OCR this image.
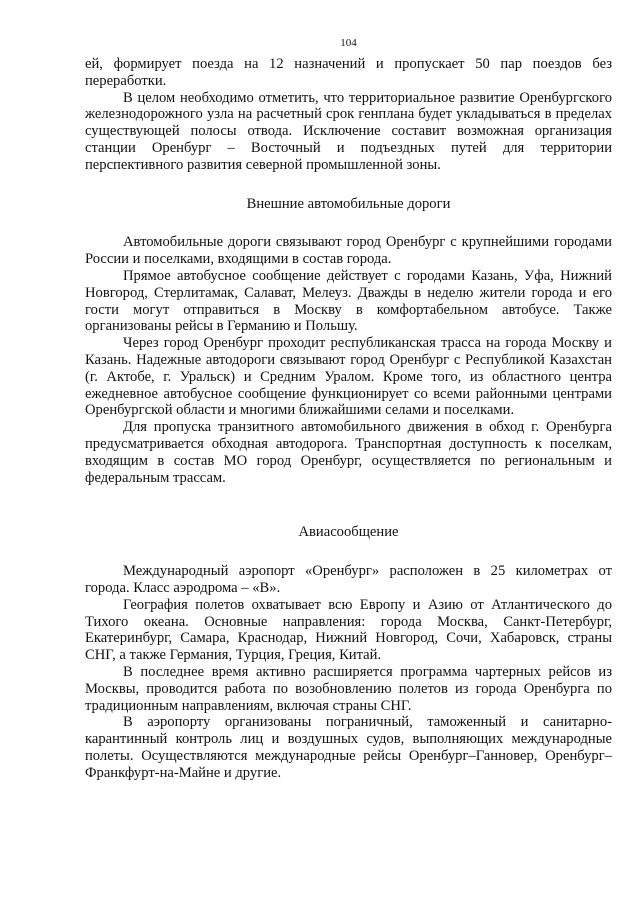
104

ей, формирует поезда на 12 назначений и пропускает 50 пар поездов без переработки.

В целом необходимо отметить, что территориальное развитие Оренбургского железнодорожного узла на расчетный срок генплана будет укладываться в пределах существующей полосы отвода. Исключение составит возможная организация станции Оренбург – Восточный и подъездных путей для территории перспективного развития северной промышленной зоны.

Внешние автомобильные дороги

Автомобильные дороги связывают город Оренбург с крупнейшими городами России и поселками, входящими в состав города.

Прямое автобусное сообщение действует с городами Казань, Уфа, Нижний Новгород, Стерлитамак, Салават, Мелеуз. Дважды в неделю жители города и его гости могут отправиться в Москву в комфортабельном автобусе. Также организованы рейсы в Германию и Польшу.

Через город Оренбург проходит республиканская трасса на города Москву и Казань. Надежные автодороги связывают город Оренбург с Республикой Казахстан (г. Актобе, г. Уральск) и Средним Уралом. Кроме того, из областного центра ежедневное автобусное сообщение функционирует со всеми районными центрами Оренбургской области и многими ближайшими селами и поселками.

Для пропуска транзитного автомобильного движения в обход г. Оренбурга предусматривается обходная автодорога. Транспортная доступность к поселкам, входящим в состав МО город Оренбург, осуществляется по региональным и федеральным трассам.

Авиасообщение

Международный аэропорт «Оренбург» расположен в 25 километрах от города. Класс аэродрома – «В».

География полетов охватывает всю Европу и Азию от Атлантического до Тихого океана. Основные направления: города Москва, Санкт-Петербург, Екатеринбург, Самара, Краснодар, Нижний Новгород, Сочи, Хабаровск, страны СНГ, а также Германия, Турция, Греция, Китай.

В последнее время активно расширяется программа чартерных рейсов из Москвы, проводится работа по возобновлению полетов из города Оренбурга по традиционным направлениям, включая страны СНГ.

В аэропорту организованы пограничный, таможенный и санитарно-карантинный контроль лиц и воздушных судов, выполняющих международные полеты. Осуществляются международные рейсы Оренбург–Ганновер, Оренбург–Франкфурт-на-Майне и другие.
